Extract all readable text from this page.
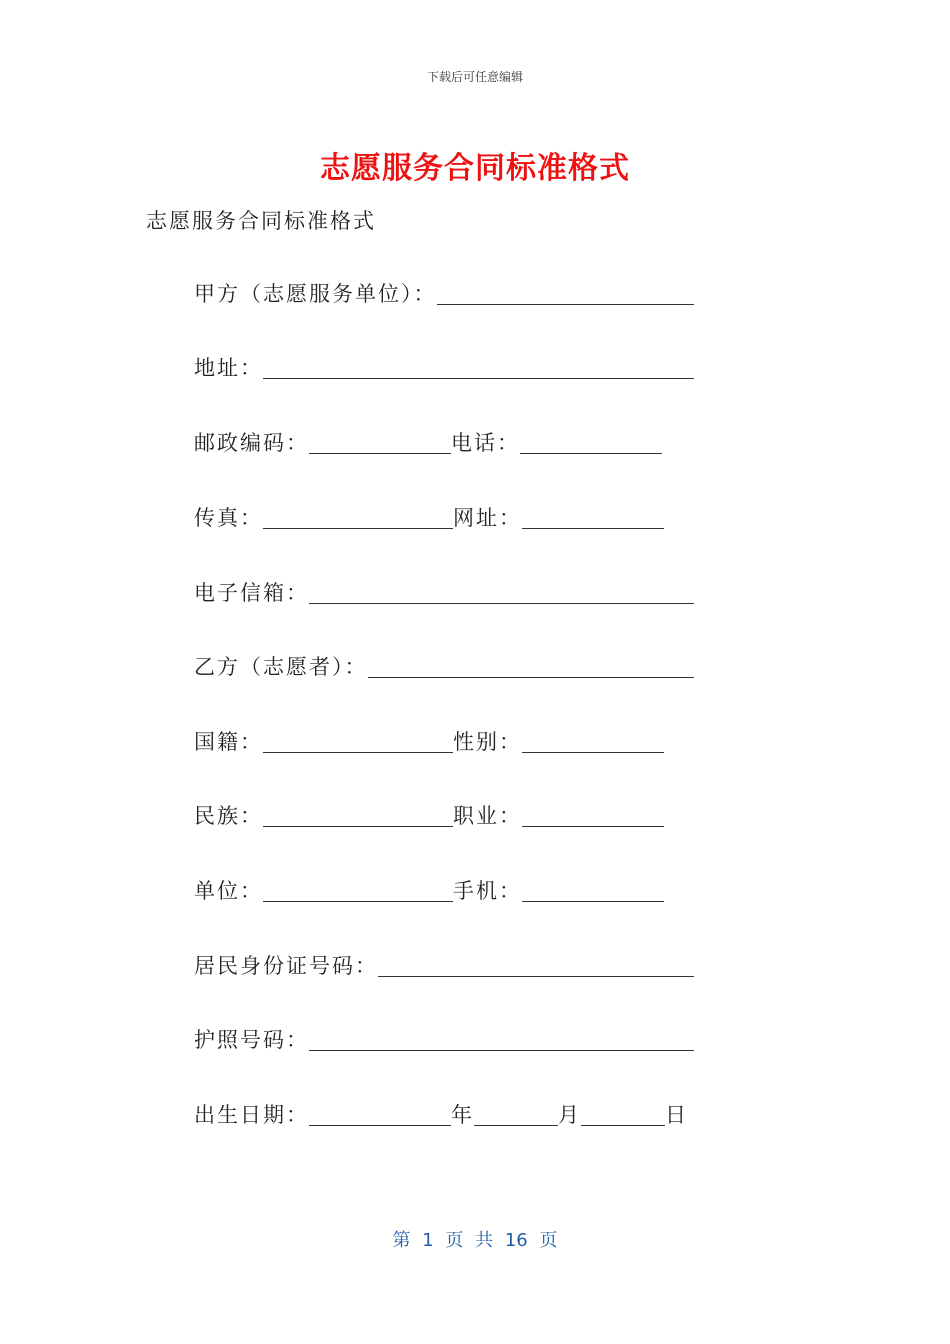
下载后可任意编辑
志愿服务合同标准格式
志愿服务合同标准格式
甲方（志愿服务单位）：
地址：
邮政编码：	电话：
传真：	网址：
电子信箱：
乙方（志愿者）：
国籍：	性别：
民族：	职业：
单位：	手机：
居民身份证号码：
护照号码：
出生日期：	年	月	日
第 1 页 共 16 页
